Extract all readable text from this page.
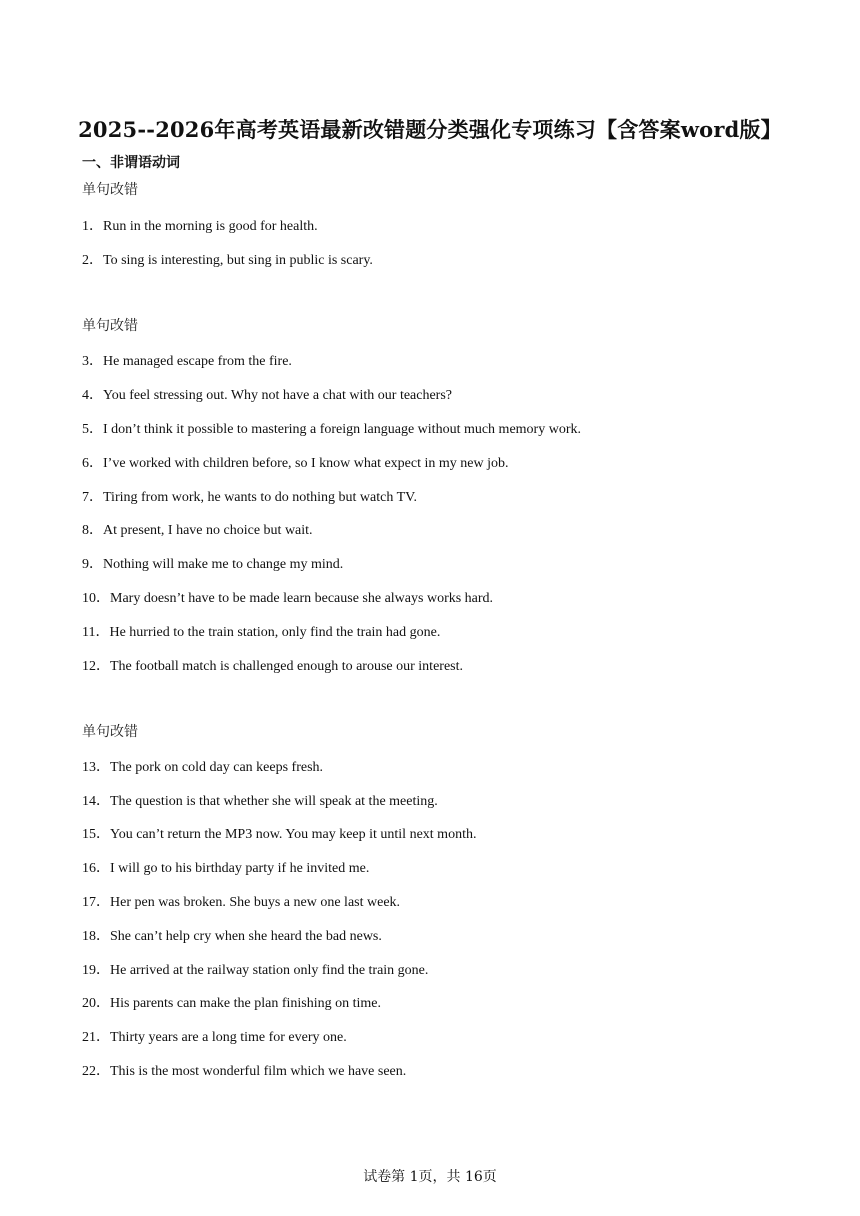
2025--2026年高考英语最新改错题分类强化专项练习【含答案word版】
一、非谓语动词
单句改错
1．Run in the morning is good for health.
2．To sing is interesting, but sing in public is scary.
单句改错
3．He managed escape from the fire.
4．You feel stressing out. Why not have a chat with our teachers?
5．I don’t think it possible to mastering a foreign language without much memory work.
6．I’ve worked with children before, so I know what expect in my new job.
7．Tiring from work, he wants to do nothing but watch TV.
8．At present, I have no choice but wait.
9．Nothing will make me to change my mind.
10．Mary doesn’t have to be made learn because she always works hard.
11．He hurried to the train station, only find the train had gone.
12．The football match is challenged enough to arouse our interest.
单句改错
13．The pork on cold day can keeps fresh.
14．The question is that whether she will speak at the meeting.
15．You can’t return the MP3 now. You may keep it until next month.
16．I will go to his birthday party if he invited me.
17．Her pen was broken. She buys a new one last week.
18．She can’t help cry when she heard the bad news.
19．He arrived at the railway station only find the train gone.
20．His parents can make the plan finishing on time.
21．Thirty years are a long time for every one.
22．This is the most wonderful film which we have seen.
试卷第 1页，共 16页
